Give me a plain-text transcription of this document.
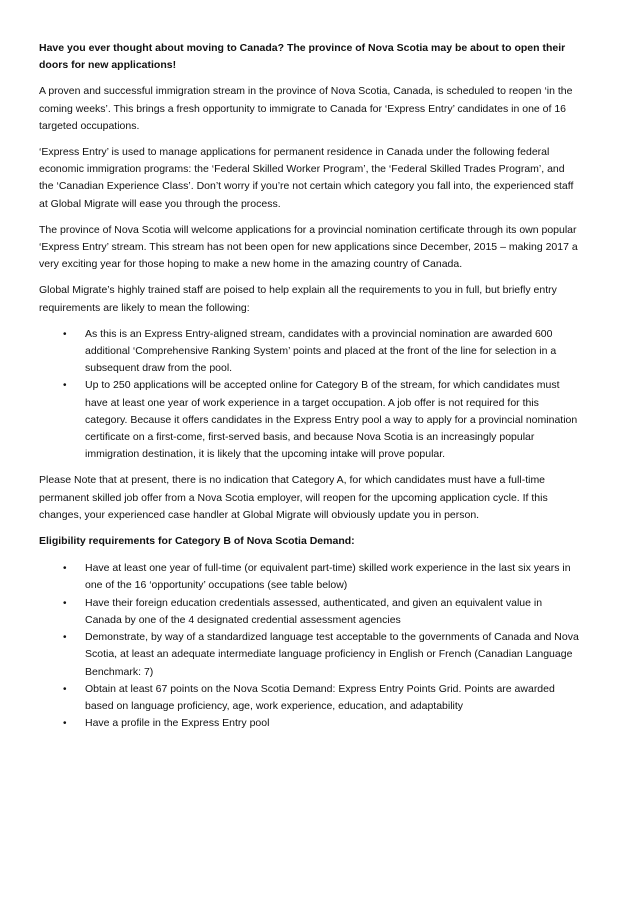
Have you ever thought about moving to Canada? The province of Nova Scotia may be about to open their doors for new applications!

A proven and successful immigration stream in the province of Nova Scotia, Canada, is scheduled to reopen ‘in the coming weeks’. This brings a fresh opportunity to immigrate to Canada for ‘Express Entry’ candidates in one of 16 targeted occupations.

‘Express Entry’ is used to manage applications for permanent residence in Canada under the following federal economic immigration programs: the ‘Federal Skilled Worker Program’, the ‘Federal Skilled Trades Program’, and the ‘Canadian Experience Class’. Don’t worry if you’re not certain which category you fall into, the experienced staff at Global Migrate will ease you through the process.

The province of Nova Scotia will welcome applications for a provincial nomination certificate through its own popular ‘Express Entry’ stream. This stream has not been open for new applications since December, 2015 – making 2017 a very exciting year for those hoping to make a new home in the amazing country of Canada.

Global Migrate’s highly trained staff are poised to help explain all the requirements to you in full, but briefly entry requirements are likely to mean the following:

• As this is an Express Entry-aligned stream, candidates with a provincial nomination are awarded 600 additional ‘Comprehensive Ranking System’ points and placed at the front of the line for selection in a subsequent draw from the pool.
• Up to 250 applications will be accepted online for Category B of the stream, for which candidates must have at least one year of work experience in a target occupation. A job offer is not required for this category. Because it offers candidates in the Express Entry pool a way to apply for a provincial nomination certificate on a first-come, first-served basis, and because Nova Scotia is an increasingly popular immigration destination, it is likely that the upcoming intake will prove popular.

Please Note that at present, there is no indication that Category A, for which candidates must have a full-time permanent skilled job offer from a Nova Scotia employer, will reopen for the upcoming application cycle. If this changes, your experienced case handler at Global Migrate will obviously update you in person.

Eligibility requirements for Category B of Nova Scotia Demand:

• Have at least one year of full-time (or equivalent part-time) skilled work experience in the last six years in one of the 16 ‘opportunity’ occupations (see table below)
• Have their foreign education credentials assessed, authenticated, and given an equivalent value in Canada by one of the 4 designated credential assessment agencies
• Demonstrate, by way of a standardized language test acceptable to the governments of Canada and Nova Scotia, at least an adequate intermediate language proficiency in English or French (Canadian Language Benchmark: 7)
• Obtain at least 67 points on the Nova Scotia Demand: Express Entry Points Grid. Points are awarded based on language proficiency, age, work experience, education, and adaptability
• Have a profile in the Express Entry pool
